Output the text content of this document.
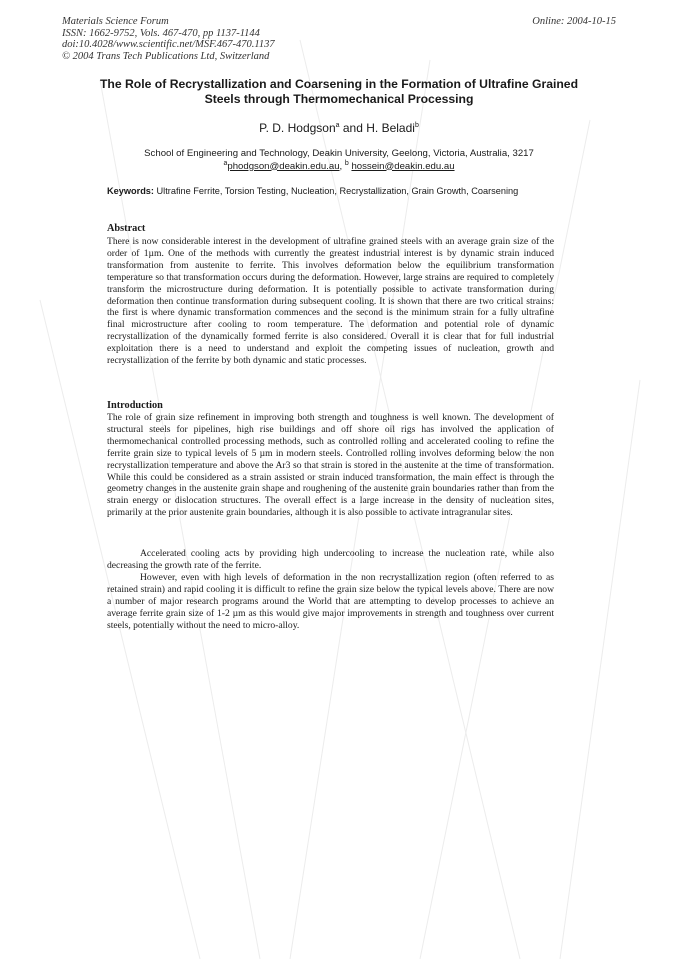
Materials Science Forum
ISSN: 1662-9752, Vols. 467-470, pp 1137-1144
doi:10.4028/www.scientific.net/MSF.467-470.1137
© 2004 Trans Tech Publications Ltd, Switzerland
Online: 2004-10-15
The Role of Recrystallization and Coarsening in the Formation of Ultrafine Grained Steels through Thermomechanical Processing
P. D. Hodgson$^a$ and H. Beladi$^b$
School of Engineering and Technology, Deakin University, Geelong, Victoria, Australia, 3217
$^a$phodgson@deakin.edu.au, $^b$ hossein@deakin.edu.au
Keywords: Ultrafine Ferrite, Torsion Testing, Nucleation, Recrystallization, Grain Growth, Coarsening
Abstract

There is now considerable interest in the development of ultrafine grained steels with an average grain size of the order of 1µm. One of the methods with currently the greatest industrial interest is by dynamic strain induced transformation from austenite to ferrite. This involves deformation below the equilibrium transformation temperature so that transformation occurs during the deformation. However, large strains are required to completely transform the microstructure during deformation. It is potentially possible to activate transformation during deformation then continue transformation during subsequent cooling. It is shown that there are two critical strains: the first is where dynamic transformation commences and the second is the minimum strain for a fully ultrafine final microstructure after cooling to room temperature. The deformation and potential role of dynamic recrystallization of the dynamically formed ferrite is also considered. Overall it is clear that for full industrial exploitation there is a need to understand and exploit the competing issues of nucleation, growth and recrystallization of the ferrite by both dynamic and static processes.

Introduction

The role of grain size refinement in improving both strength and toughness is well known. The development of structural steels for pipelines, high rise buildings and off shore oil rigs has involved the application of thermomechanical controlled processing methods, such as controlled rolling and accelerated cooling to refine the ferrite grain size to typical levels of 5 µm in modern steels. Controlled rolling involves deforming below the non recrystallization temperature and above the Ar3 so that strain is stored in the austenite at the time of transformation. While this could be considered as a strain assisted or strain induced transformation, the main effect is through the geometry changes in the austenite grain shape and roughening of the austenite grain boundaries rather than from the strain energy or dislocation structures. The overall effect is a large increase in the density of nucleation sites, primarily at the prior austenite grain boundaries, although it is also possible to activate intragranular sites.

Accelerated cooling acts by providing high undercooling to increase the nucleation rate, while also decreasing the growth rate of the ferrite.

However, even with high levels of deformation in the non recrystallization region (often referred to as retained strain) and rapid cooling it is difficult to refine the grain size below the typical levels above. There are now a number of major research programs around the World that are attempting to develop processes to achieve an average ferrite grain size of 1-2 µm as this would give major improvements in strength and toughness over current steels, potentially without the need to micro-alloy.
